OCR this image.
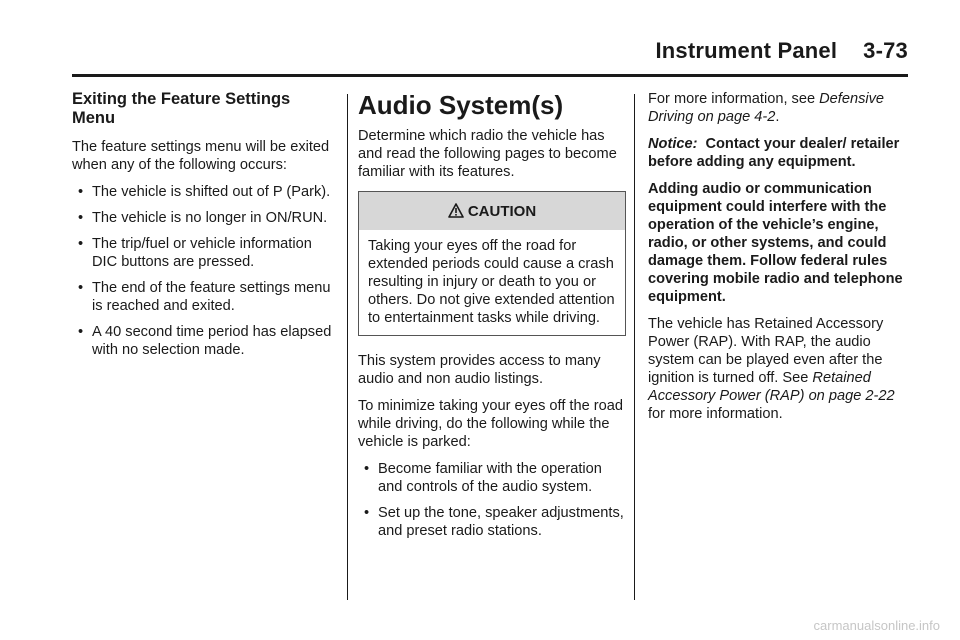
Instrument Panel 3-73
Exiting the Feature Settings Menu

The feature settings menu will be exited when any of the following occurs:

• The vehicle is shifted out of P (Park).
• The vehicle is no longer in ON/RUN.
• The trip/fuel or vehicle information DIC buttons are pressed.
• The end of the feature settings menu is reached and exited.
• A 40 second time period has elapsed with no selection made.
Audio System(s)

Determine which radio the vehicle has and read the following pages to become familiar with its features.

CAUTION
Taking your eyes off the road for extended periods could cause a crash resulting in injury or death to you or others. Do not give extended attention to entertainment tasks while driving.

This system provides access to many audio and non audio listings.

To minimize taking your eyes off the road while driving, do the following while the vehicle is parked:

• Become familiar with the operation and controls of the audio system.
• Set up the tone, speaker adjustments, and preset radio stations.

For more information, see Defensive Driving on page 4-2.

Notice: Contact your dealer/ retailer before adding any equipment.

Adding audio or communication equipment could interfere with the operation of the vehicle’s engine, radio, or other systems, and could damage them. Follow federal rules covering mobile radio and telephone equipment.

The vehicle has Retained Accessory Power (RAP). With RAP, the audio system can be played even after the ignition is turned off. See Retained Accessory Power (RAP) on page 2-22 for more information.

carmanualsonline.info
